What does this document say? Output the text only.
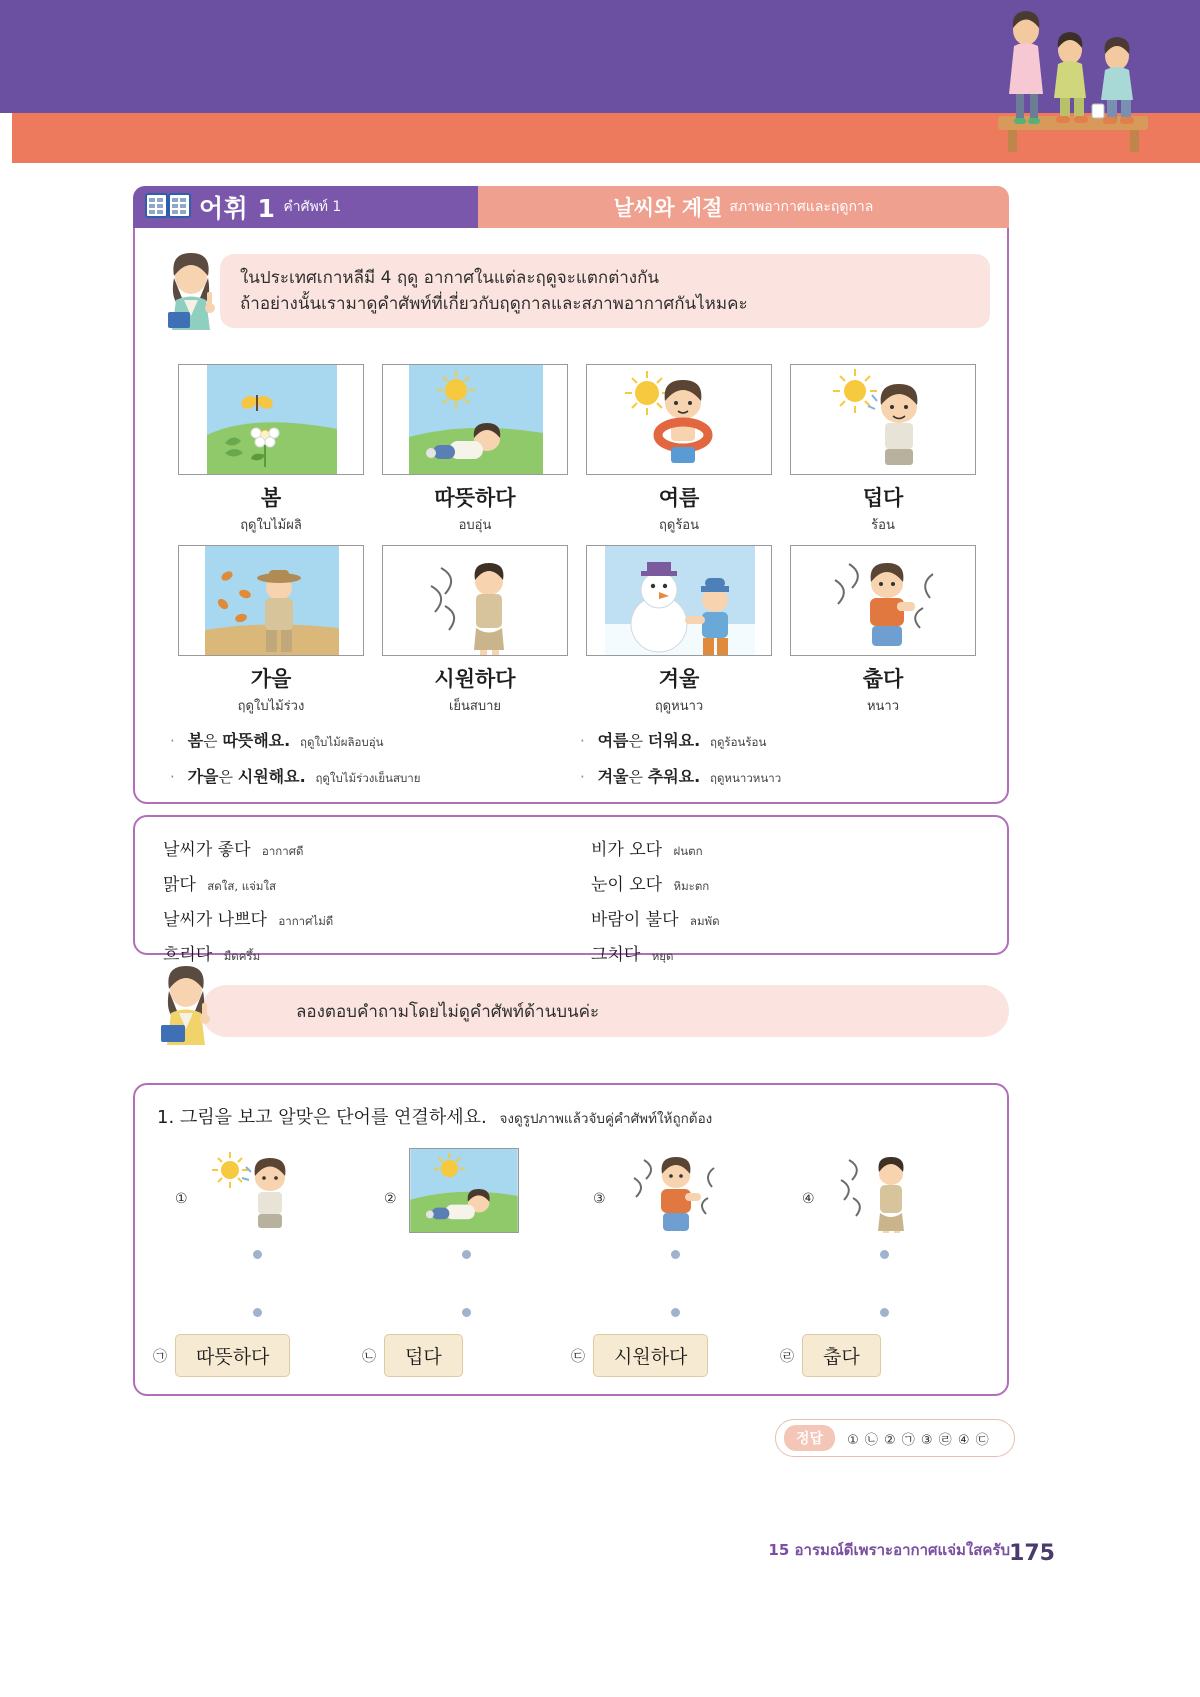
어휘 1 คำศัพท์ 1	날씨와 계절 สภาพอากาศและฤดูกาล
ในประเทศเกาหลีมี 4 ฤดู อากาศในแต่ละฤดูจะแตกต่างกัน
ถ้าอย่างนั้นเรามาดูคำศัพท์ที่เกี่ยวกับฤดูกาลและสภาพอากาศกันไหมคะ
봄
ฤดูใบไม้ผลิ
따뜻하다
อบอุ่น
여름
ฤดูร้อน
덥다
ร้อน
가을
ฤดูใบไม้ร่วง
시원하다
เย็นสบาย
겨울
ฤดูหนาว
춥다
หนาว
· 봄은 따뜻해요. ฤดูใบไม้ผลิอบอุ่น
· 가을은 시원해요. ฤดูใบไม้ร่วงเย็นสบาย
· 여름은 더워요. ฤดูร้อนร้อน
· 겨울은 추워요. ฤดูหนาวหนาว
날씨가 좋다 อากาศดี
맑다 สดใส, แจ่มใส
날씨가 나쁘다 อากาศไม่ดี
흐리다 มืดครึ้ม
비가 오다 ฝนตก
눈이 오다 หิมะตก
바람이 불다 ลมพัด
그치다 หยุด
ลองตอบคำถามโดยไม่ดูคำศัพท์ด้านบนค่ะ
1. 그림을 보고 알맞은 단어를 연결하세요. จงดูรูปภาพแล้วจับคู่คำศัพท์ให้ถูกต้อง
①	②	③	④
㉠	따뜻하다	㉡	덥다	㉢	시원하다	㉣	춥다
정답	① ㉡ ② ㉠ ③ ㉣ ④ ㉢
15 อารมณ์ดีเพราะอากาศแจ่มใสครับ 175
